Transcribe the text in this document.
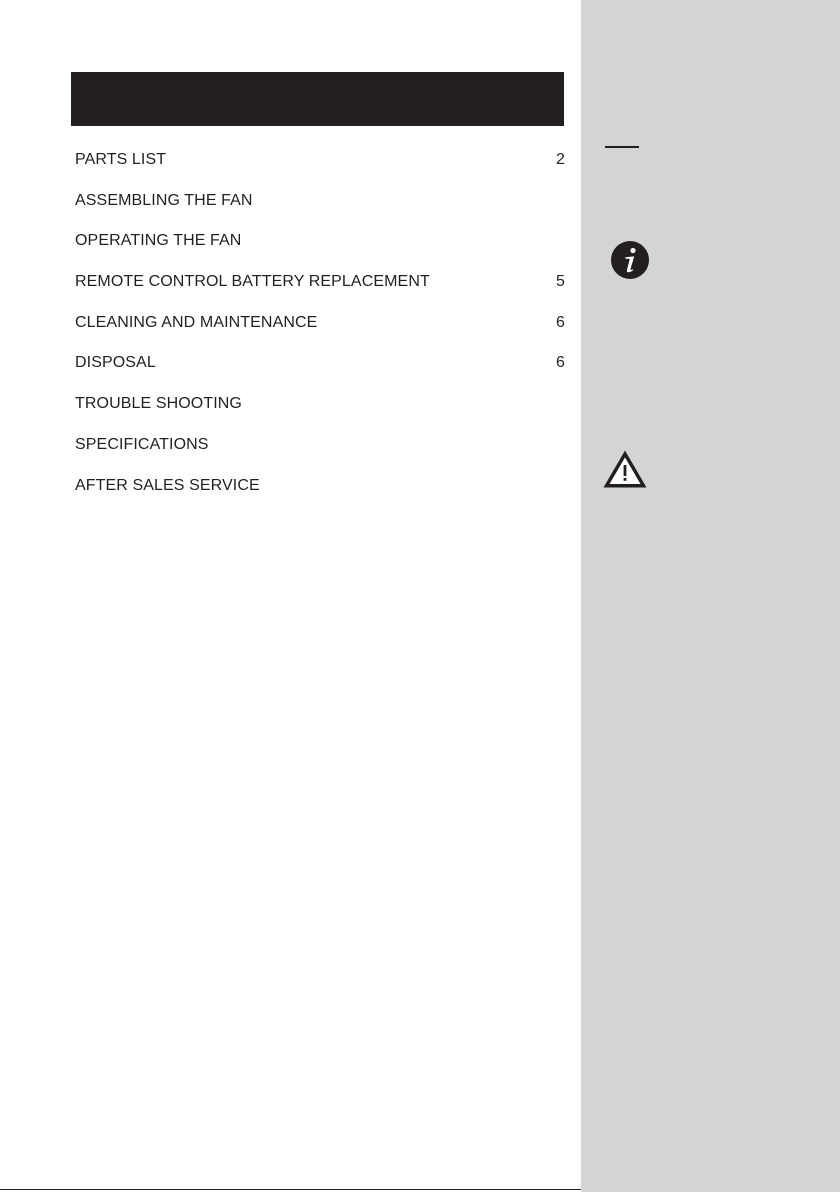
PARTS LIST	2
ASSEMBLING THE FAN
OPERATING THE FAN
REMOTE CONTROL BATTERY REPLACEMENT	5
CLEANING AND MAINTENANCE	6
DISPOSAL	6
TROUBLE SHOOTING
SPECIFICATIONS
AFTER SALES SERVICE
